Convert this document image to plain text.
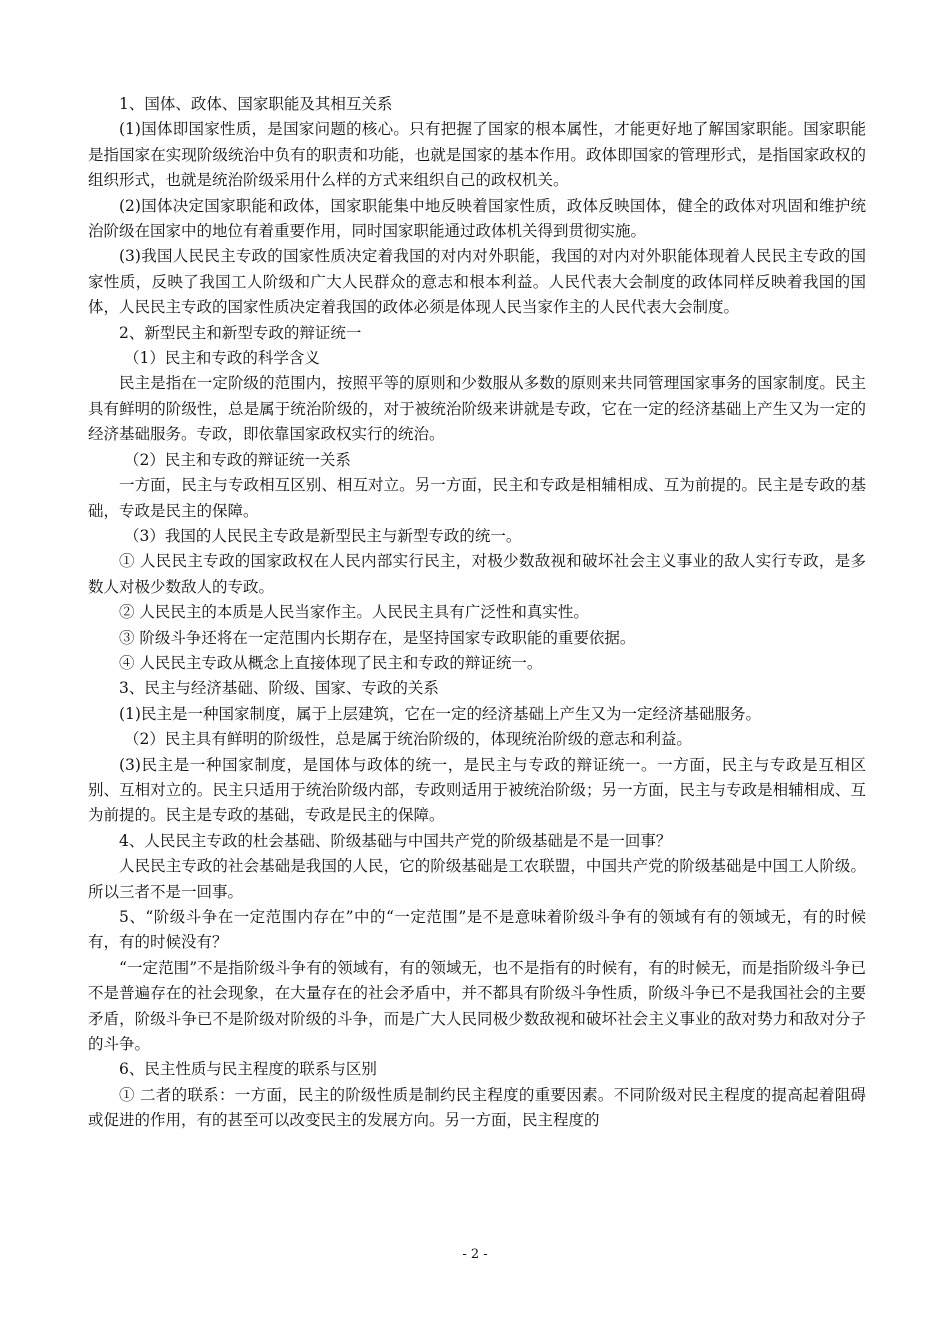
1、国体、政体、国家职能及其相互关系

(1)国体即国家性质，是国家问题的核心。只有把握了国家的根本属性，才能更好地了解国家职能。国家职能是指国家在实现阶级统治中负有的职责和功能，也就是国家的基本作用。政体即国家的管理形式，是指国家政权的组织形式，也就是统治阶级采用什么样的方式来组织自己的政权机关。

(2)国体决定国家职能和政体，国家职能集中地反映着国家性质，政体反映国体，健全的政体对巩固和维护统治阶级在国家中的地位有着重要作用，同时国家职能通过政体机关得到贯彻实施。

(3)我国人民民主专政的国家性质决定着我国的对内对外职能，我国的对内对外职能体现着人民民主专政的国家性质，反映了我国工人阶级和广大人民群众的意志和根本利益。人民代表大会制度的政体同样反映着我国的国体，人民民主专政的国家性质决定着我国的政体必须是体现人民当家作主的人民代表大会制度。

2、新型民主和新型专政的辩证统一

（1）民主和专政的科学含义

民主是指在一定阶级的范围内，按照平等的原则和少数服从多数的原则来共同管理国家事务的国家制度。民主具有鲜明的阶级性，总是属于统治阶级的，对于被统治阶级来讲就是专政，它在一定的经济基础上产生又为一定的经济基础服务。专政，即依靠国家政权实行的统治。

（2）民主和专政的辩证统一关系

一方面，民主与专政相互区别、相互对立。另一方面，民主和专政是相辅相成、互为前提的。民主是专政的基础，专政是民主的保障。

（3）我国的人民民主专政是新型民主与新型专政的统一。

① 人民民主专政的国家政权在人民内部实行民主，对极少数敌视和破坏社会主义事业的敌人实行专政，是多数人对极少数敌人的专政。

② 人民民主的本质是人民当家作主。人民民主具有广泛性和真实性。

③ 阶级斗争还将在一定范围内长期存在，是坚持国家专政职能的重要依据。

④ 人民民主专政从概念上直接体现了民主和专政的辩证统一。

3、民主与经济基础、阶级、国家、专政的关系

(1)民主是一种国家制度，属于上层建筑，它在一定的经济基础上产生又为一定经济基础服务。

（2）民主具有鲜明的阶级性，总是属于统治阶级的，体现统治阶级的意志和利益。

(3)民主是一种国家制度，是国体与政体的统一，是民主与专政的辩证统一。一方面，民主与专政是互相区别、互相对立的。民主只适用于统治阶级内部，专政则适用于被统治阶级；另一方面，民主与专政是相辅相成、互为前提的。民主是专政的基础，专政是民主的保障。

4、人民民主专政的杜会基础、阶级基础与中国共产党的阶级基础是不是一回事？

人民民主专政的社会基础是我国的人民，它的阶级基础是工农联盟，中国共产党的阶级基础是中国工人阶级。所以三者不是一回事。

5、“阶级斗争在一定范围内存在”中的“一定范围”是不是意味着阶级斗争有的领域有有的领域无，有的时候有，有的时候没有？

“一定范围”不是指阶级斗争有的领域有，有的领域无，也不是指有的时候有，有的时候无，而是指阶级斗争已不是普遍存在的社会现象，在大量存在的社会矛盾中，并不都具有阶级斗争性质，阶级斗争已不是我国社会的主要矛盾，阶级斗争已不是阶级对阶级的斗争，而是广大人民同极少数敌视和破坏社会主义事业的敌对势力和敌对分子的斗争。

6、民主性质与民主程度的联系与区别

① 二者的联系：一方面，民主的阶级性质是制约民主程度的重要因素。不同阶级对民主程度的提高起着阻碍或促进的作用，有的甚至可以改变民主的发展方向。另一方面，民主程度的

- 2 -
